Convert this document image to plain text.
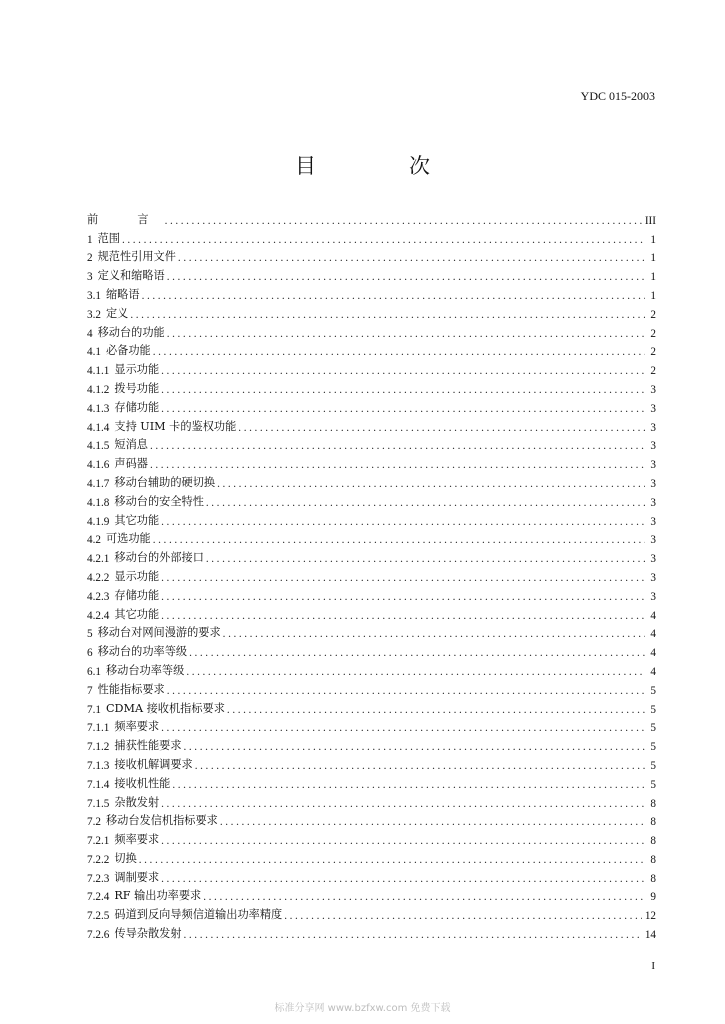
YDC 015-2003
目　次
前　言 .....	III
1 范围 .....	1
2 规范性引用文件 .....	1
3 定义和缩略语 .....	1
3.1 缩略语 .....	1
3.2 定义 .....	2
4 移动台的功能 .....	2
4.1 必备功能 .....	2
4.1.1 显示功能 .....	2
4.1.2 拨号功能 .....	3
4.1.3 存储功能 .....	3
4.1.4 支持 UIM 卡的鉴权功能 .....	3
4.1.5 短消息 .....	3
4.1.6 声码器 .....	3
4.1.7 移动台辅助的硬切换 .....	3
4.1.8 移动台的安全特性 .....	3
4.1.9 其它功能 .....	3
4.2 可选功能 .....	3
4.2.1 移动台的外部接口 .....	3
4.2.2 显示功能 .....	3
4.2.3 存储功能 .....	3
4.2.4 其它功能 .....	4
5 移动台对网间漫游的要求 .....	4
6 移动台的功率等级 .....	4
6.1 移动台功率等级 .....	4
7 性能指标要求 .....	5
7.1 CDMA 接收机指标要求 .....	5
7.1.1 频率要求 .....	5
7.1.2 捕获性能要求 .....	5
7.1.3 接收机解调要求 .....	5
7.1.4 接收机性能 .....	5
7.1.5 杂散发射 .....	8
7.2 移动台发信机指标要求 .....	8
7.2.1 频率要求 .....	8
7.2.2 切换 .....	8
7.2.3 调制要求 .....	8
7.2.4 RF 输出功率要求 .....	9
7.2.5 码道到反向导频信道输出功率精度 .....	12
7.2.6 传导杂散发射 .....	14
I
标准分享网 www.bzfxw.com 免费下载
